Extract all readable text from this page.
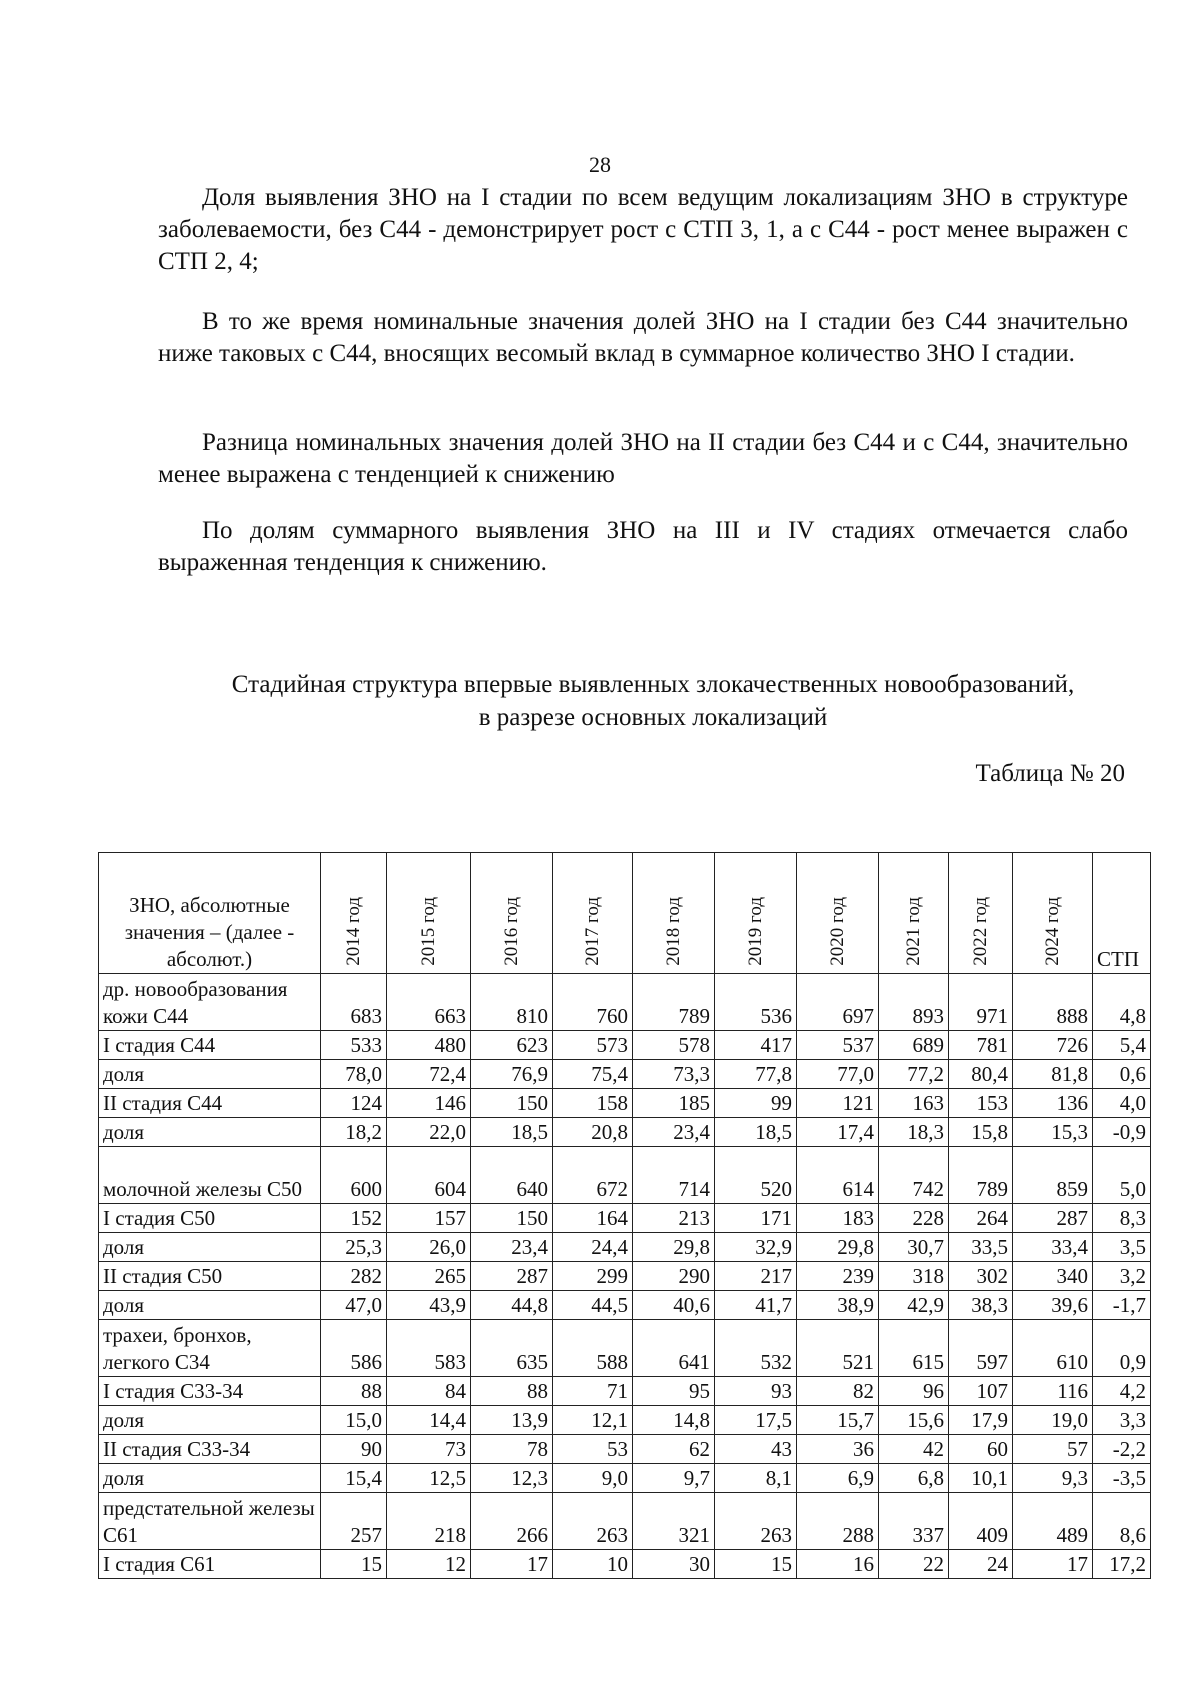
28

Доля выявления ЗНО на I стадии по всем ведущим локализациям ЗНО в структуре заболеваемости, без С44 - демонстрирует рост с СТП 3, 1, а с С44 - рост менее выражен с СТП 2, 4;

В то же время номинальные значения долей ЗНО на I стадии без С44 значительно ниже таковых с С44, вносящих весомый вклад в суммарное количество ЗНО I стадии.

Разница номинальных значения долей ЗНО на II стадии без С44 и с С44, значительно менее выражена с тенденцией к снижению

По долям суммарного выявления ЗНО на III и IV стадиях отмечается слабо выраженная тенденция к снижению.

Стадийная структура впервые выявленных злокачественных новообразований,
в разрезе основных локализаций
Таблица № 20
ЗНО, абсолютные значения – (далее - абсолют.)	2014 год	2015 год	2016 год	2017 год	2018 год	2019 год	2020 год	2021 год	2022 год	2024 год	СТП
др. новообразования кожи С44	683	663	810	760	789	536	697	893	971	888	4,8
I стадия С44	533	480	623	573	578	417	537	689	781	726	5,4
доля	78,0	72,4	76,9	75,4	73,3	77,8	77,0	77,2	80,4	81,8	0,6
II стадия С44	124	146	150	158	185	99	121	163	153	136	4,0
доля	18,2	22,0	18,5	20,8	23,4	18,5	17,4	18,3	15,8	15,3	-0,9
молочной железы С50	600	604	640	672	714	520	614	742	789	859	5,0
I стадия С50	152	157	150	164	213	171	183	228	264	287	8,3
доля	25,3	26,0	23,4	24,4	29,8	32,9	29,8	30,7	33,5	33,4	3,5
II стадия С50	282	265	287	299	290	217	239	318	302	340	3,2
доля	47,0	43,9	44,8	44,5	40,6	41,7	38,9	42,9	38,3	39,6	-1,7
трахеи, бронхов, легкого С34	586	583	635	588	641	532	521	615	597	610	0,9
I стадия С33-34	88	84	88	71	95	93	82	96	107	116	4,2
доля	15,0	14,4	13,9	12,1	14,8	17,5	15,7	15,6	17,9	19,0	3,3
II стадия С33-34	90	73	78	53	62	43	36	42	60	57	-2,2
доля	15,4	12,5	12,3	9,0	9,7	8,1	6,9	6,8	10,1	9,3	-3,5
предстательной железы С61	257	218	266	263	321	263	288	337	409	489	8,6
I стадия С61	15	12	17	10	30	15	16	22	24	17	17,2
